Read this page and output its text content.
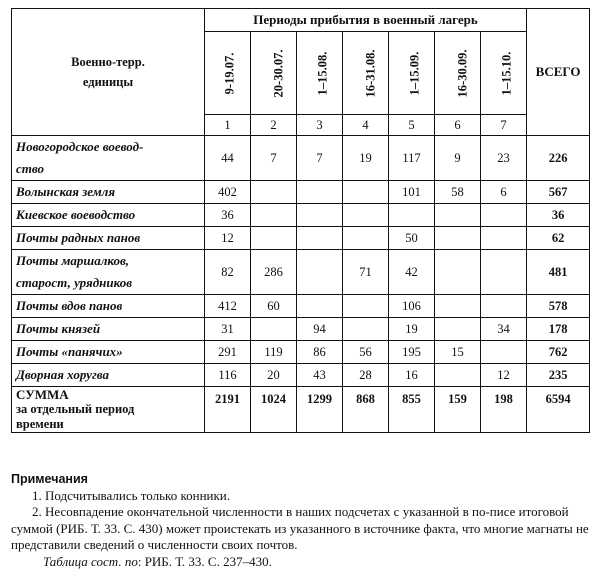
Военно-терр.
единицы	Периоды прибытия в военный лагерь							ВСЕГО
	9-19.07.	20-30.07.	1–15.08.	16-31.08.	1–15.09.	16-30.09.	1–15.10.	
	1	2	3	4	5	6	7	

Новогородское воевод-
ство	44	7	7	19	117	9	23	226

Волынская земля	402				101	58	6	567

Киевское воеводство	36							36

Почты радных панов	12				50			62

Почты маршалков,
старост, урядников	82	286		71	42			481

Почты вдов панов	412	60			106			578

Почты князей	31		94		19		34	178

Почты «панячих»	291	119	86	56	195	15		762

Дворная хоругва	116	20	43	28	16		12	235

СУММА
за отдельный период
времени	2191	1024	1299	868	855	159	198	6594
Примечания
1. Подсчитывались только конники.
2. Несовпадение окончательной численности в наших подсчетах с указанной в по-писе итоговой суммой (РИБ. Т. 33. С. 430) может проистекать из указанного в источнике факта, что многие магнаты не представили сведений о численности своих почтов.
Таблица сост. по: РИБ. Т. 33. С. 237–430.
